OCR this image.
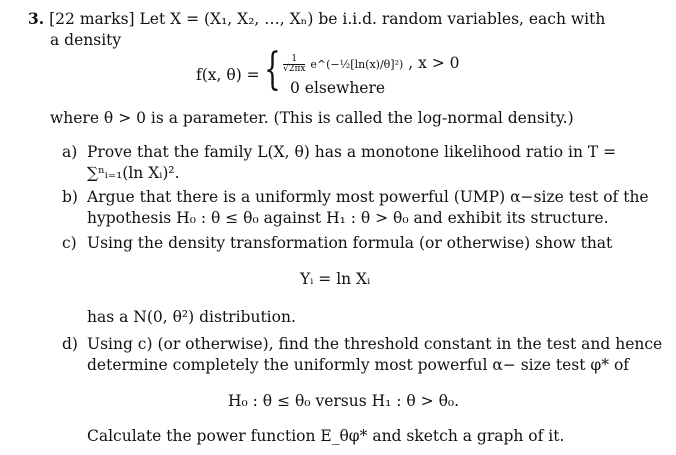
3. [22 marks] Let X = (X₁, X₂, …, Xₙ) be i.i.d. random variables, each with
a density
f(x, θ) = { $\frac{1}{√2\pi x}$ e^(−½[ln(x)/θ]²) , x > 0
0 elsewhere
where θ > 0 is a parameter. (This is called the log-normal density.)
a) Prove that the family L(X, θ) has a monotone likelihood ratio in T =
∑ⁿᵢ₌₁(ln Xᵢ)².
b) Argue that there is a uniformly most powerful (UMP) α−size test of the
hypothesis H₀ : θ ≤ θ₀ against H₁ : θ > θ₀ and exhibit its structure.
c) Using the density transformation formula (or otherwise) show that
Yᵢ = ln Xᵢ
has a N(0, θ²) distribution.
d) Using c) (or otherwise), find the threshold constant in the test and hence
determine completely the uniformly most powerful α− size test φ* of
H₀ : θ ≤ θ₀ versus H₁ : θ > θ₀.
Calculate the power function E_θφ* and sketch a graph of it.
